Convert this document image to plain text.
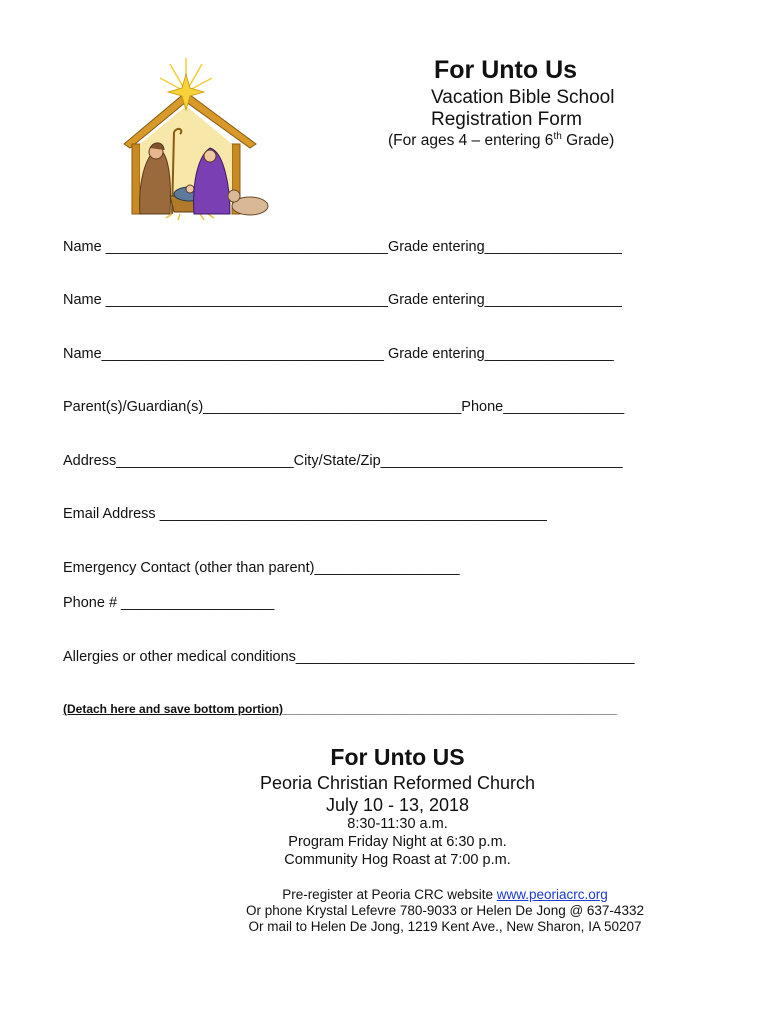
For Unto Us
Vacation Bible School
Registration Form
(For ages 4 – entering 6th Grade)
Name ___________________________________Grade entering_________________
Name ___________________________________Grade entering_________________
Name___________________________________ Grade entering________________
Parent(s)/Guardian(s)________________________________Phone_______________
Address______________________City/State/Zip______________________________
Email Address ________________________________________________
Emergency Contact (other than parent)__________________
Phone # ___________________
Allergies or other medical conditions__________________________________________
(Detach here and save bottom portion)__________________________________________________
For Unto US
Peoria Christian Reformed Church
July 10 - 13, 2018
8:30-11:30 a.m.
Program Friday Night at 6:30 p.m.
Community Hog Roast at 7:00 p.m.
Pre-register at Peoria CRC website www.peoriacrc.org
Or phone Krystal Lefevre 780-9033 or Helen De Jong @ 637-4332
Or mail to Helen De Jong, 1219 Kent Ave., New Sharon, IA 50207
